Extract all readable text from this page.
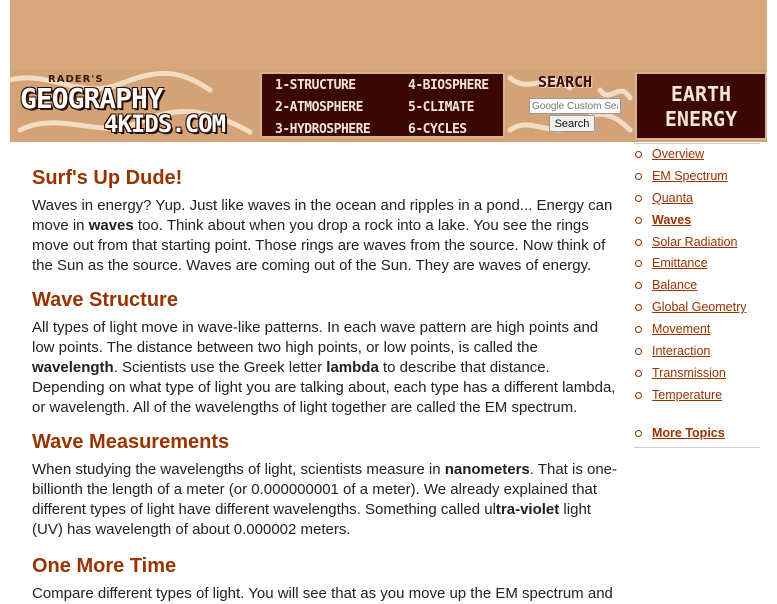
RADER'S
GEOGRAPHY
4KIDS.COM
1-STRUCTURE
2-ATMOSPHERE
3-HYDROSPHERE
4-BIOSPHERE
5-CLIMATE
6-CYCLES
SEARCH
Google Custom Search
Search
EARTH
ENERGY
Surf's Up Dude!

Waves in energy? Yup. Just like waves in the ocean and ripples in a pond... Energy can move in waves too. Think about when you drop a rock into a lake. You see the rings move out from that starting point. Those rings are waves from the source. Now think of the Sun as the source. Waves are coming out of the Sun. They are waves of energy.

Wave Structure

All types of light move in wave-like patterns. In each wave pattern are high points and low points. The distance between two high points, or low points, is called the wavelength. Scientists use the Greek letter lambda to describe that distance. Depending on what type of light you are talking about, each type has a different lambda, or wavelength. All of the wavelengths of light together are called the EM spectrum.

Wave Measurements

When studying the wavelengths of light, scientists measure in nanometers. That is one-billionth the length of a meter (or 0.000000001 of a meter). We already explained that different types of light have different wavelengths. Something called ultra-violet light (UV) has wavelength of about 0.000002 meters.

One More Time

Compare different types of light. You will see that as you move up the EM spectrum and

Overview
EM Spectrum
Quanta
Waves
Solar Radiation
Emittance
Balance
Global Geometry
Movement
Interaction
Transmission
Temperature
More Topics
